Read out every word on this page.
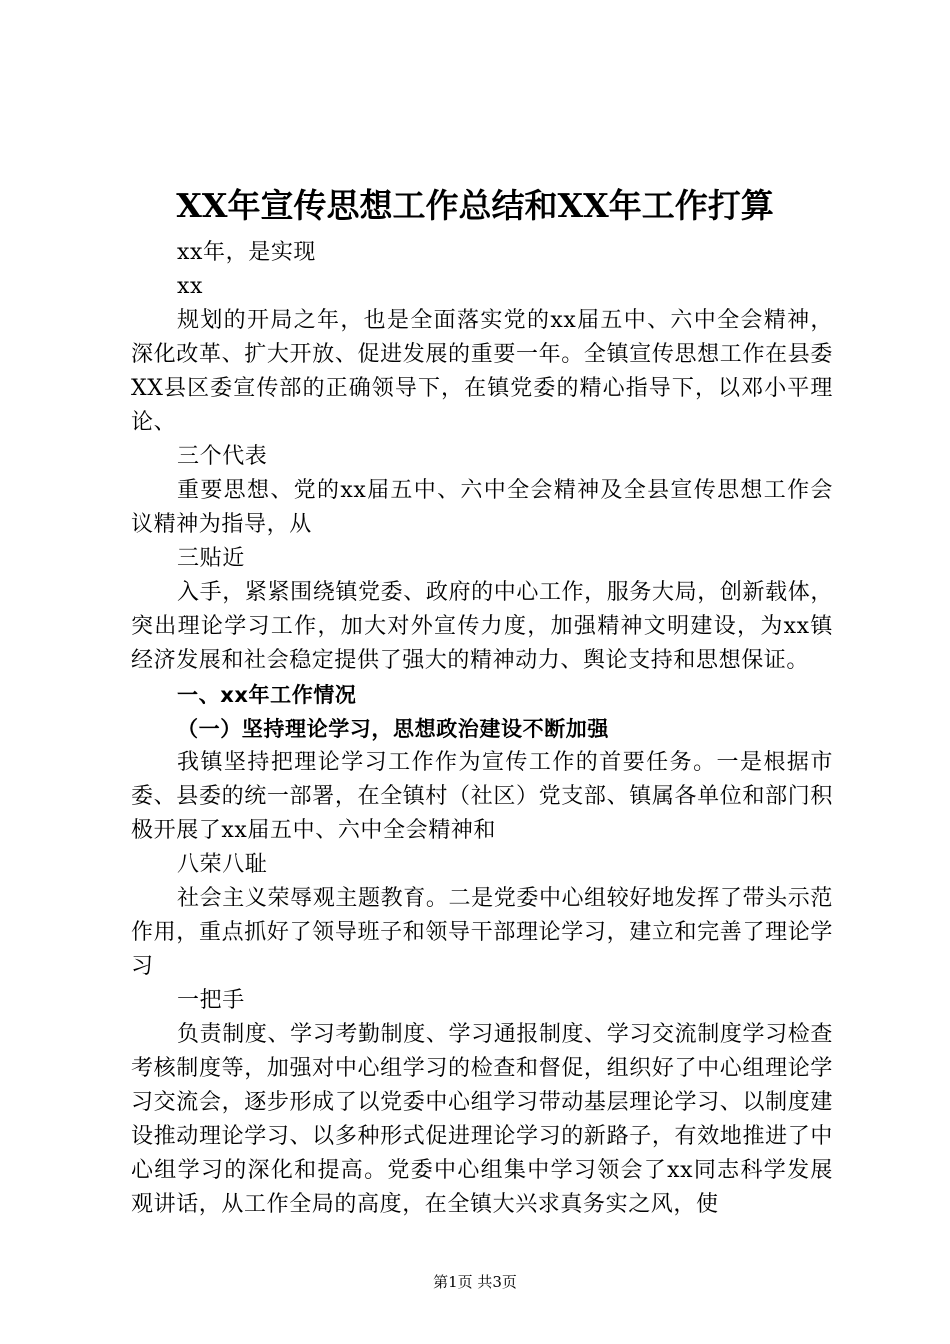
XX年宣传思想工作总结和XX年工作打算

xx年，是实现

xx

规划的开局之年，也是全面落实党的xx届五中、六中全会精神，深化改革、扩大开放、促进发展的重要一年。全镇宣传思想工作在县委XX县区委宣传部的正确领导下，在镇党委的精心指导下，以邓小平理论、

三个代表

重要思想、党的xx届五中、六中全会精神及全县宣传思想工作会议精神为指导，从

三贴近

入手，紧紧围绕镇党委、政府的中心工作，服务大局，创新载体，突出理论学习工作，加大对外宣传力度，加强精神文明建设，为xx镇经济发展和社会稳定提供了强大的精神动力、舆论支持和思想保证。

一、xx年工作情况

（一）坚持理论学习，思想政治建设不断加强

我镇坚持把理论学习工作作为宣传工作的首要任务。一是根据市委、县委的统一部署，在全镇村（社区）党支部、镇属各单位和部门积极开展了xx届五中、六中全会精神和

八荣八耻

社会主义荣辱观主题教育。二是党委中心组较好地发挥了带头示范作用，重点抓好了领导班子和领导干部理论学习，建立和完善了理论学习

一把手

负责制度、学习考勤制度、学习通报制度、学习交流制度学习检查考核制度等，加强对中心组学习的检查和督促，组织好了中心组理论学习交流会，逐步形成了以党委中心组学习带动基层理论学习、以制度建设推动理论学习、以多种形式促进理论学习的新路子，有效地推进了中心组学习的深化和提高。党委中心组集中学习领会了xx同志科学发展观讲话，从工作全局的高度，在全镇大兴求真务实之风，使

第1页 共3页
